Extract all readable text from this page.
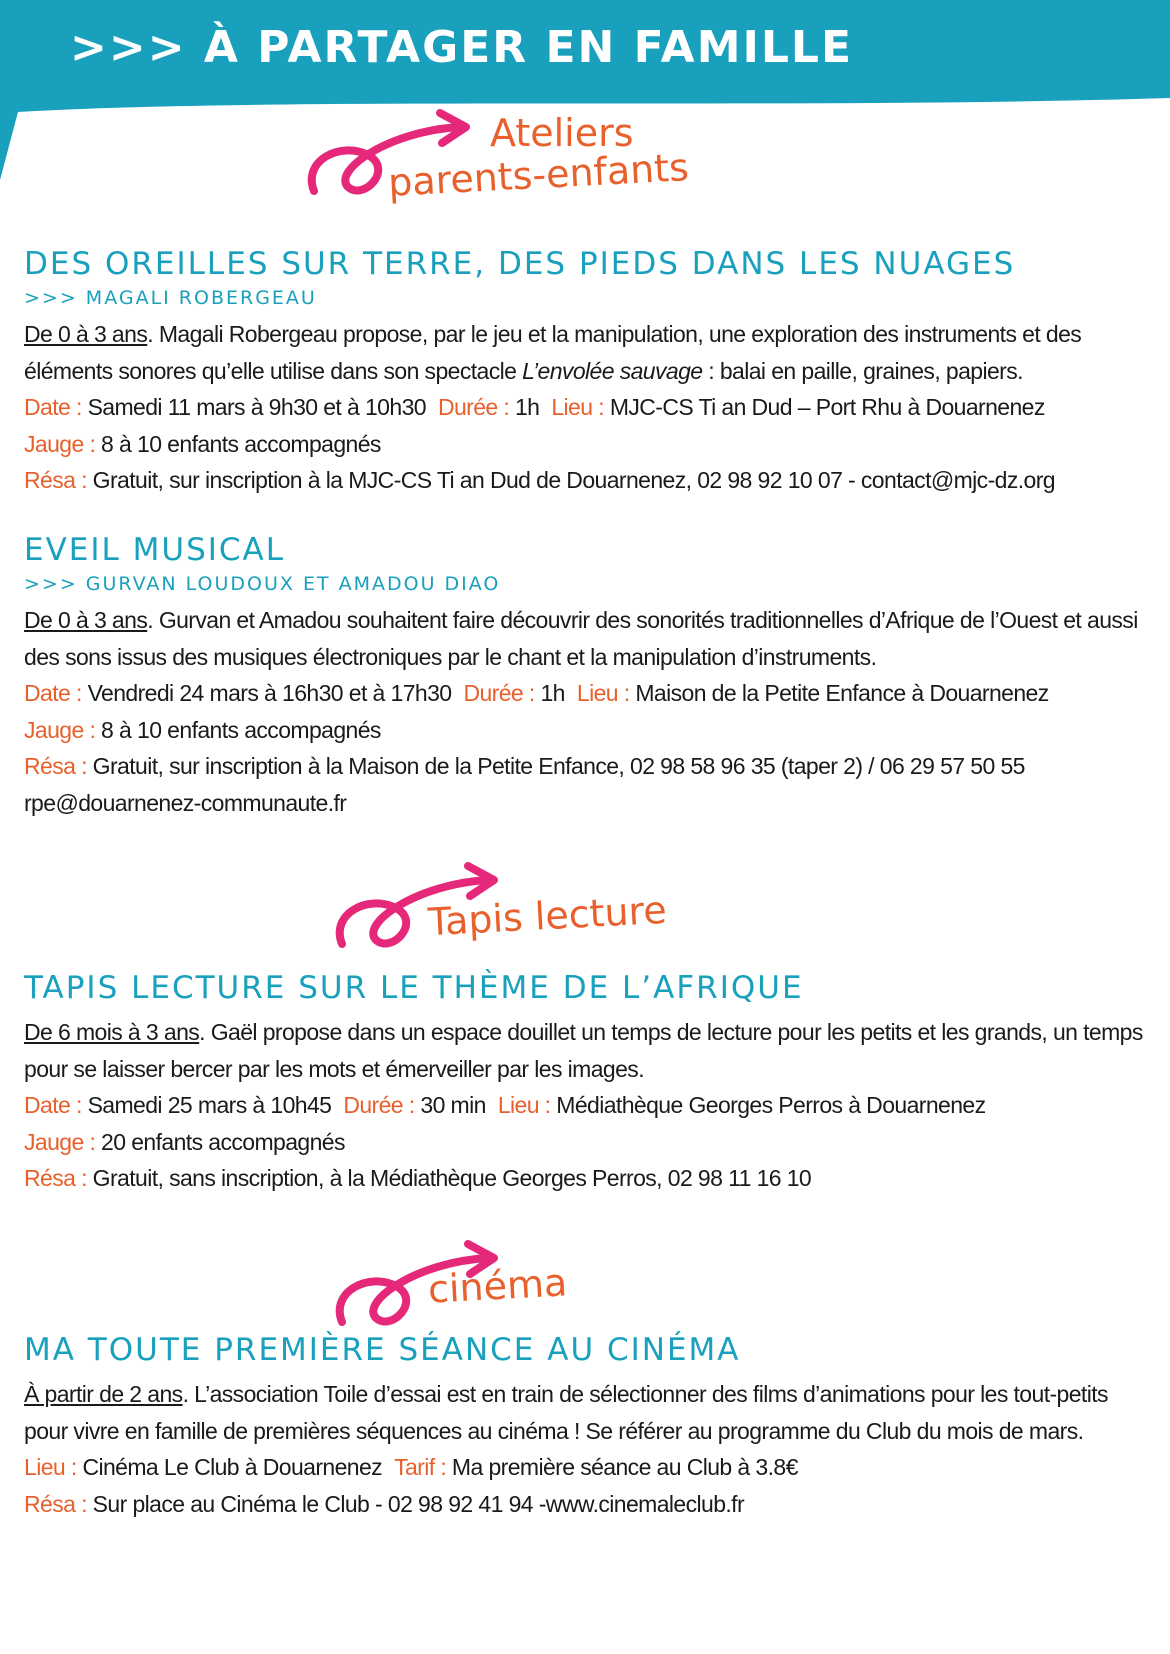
>>> À PARTAGER EN FAMILLE
Ateliers
parents-enfants
DES OREILLES SUR TERRE, DES PIEDS DANS LES NUAGES
>>> MAGALI ROBERGEAU

De 0 à 3 ans. Magali Robergeau propose, par le jeu et la manipulation, une exploration des instruments et des éléments sonores qu’elle utilise dans son spectacle L’envolée sauvage : balai en paille, graines, papiers.

Date : Samedi 11 mars à 9h30 et à 10h30 Durée : 1h Lieu : MJC-CS Ti an Dud – Port Rhu à Douarnenez

Jauge : 8 à 10 enfants accompagnés

Résa : Gratuit, sur inscription à la MJC-CS Ti an Dud de Douarnenez, 02 98 92 10 07 - contact@mjc-dz.org

EVEIL MUSICAL
>>> GURVAN LOUDOUX ET AMADOU DIAO

De 0 à 3 ans. Gurvan et Amadou souhaitent faire découvrir des sonorités traditionnelles d’Afrique de l’Ouest et aussi des sons issus des musiques électroniques par le chant et la manipulation d’instruments.

Date : Vendredi 24 mars à 16h30 et à 17h30 Durée : 1h Lieu : Maison de la Petite Enfance à Douarnenez

Jauge : 8 à 10 enfants accompagnés

Résa : Gratuit, sur inscription à la Maison de la Petite Enfance, 02 98 58 96 35 (taper 2) / 06 29 57 50 55

rpe@douarnenez-communaute.fr

Tapis lecture
TAPIS LECTURE SUR LE THÈME DE L’AFRIQUE

De 6 mois à 3 ans. Gaël propose dans un espace douillet un temps de lecture pour les petits et les grands, un temps pour se laisser bercer par les mots et émerveiller par les images.

Date : Samedi 25 mars à 10h45 Durée : 30 min Lieu : Médiathèque Georges Perros à Douarnenez

Jauge : 20 enfants accompagnés

Résa : Gratuit, sans inscription, à la Médiathèque Georges Perros, 02 98 11 16 10

cinéma
MA TOUTE PREMIÈRE SÉANCE AU CINÉMA

À partir de 2 ans. L’association Toile d’essai est en train de sélectionner des films d’animations pour les tout-petits pour vivre en famille de premières séquences au cinéma ! Se référer au programme du Club du mois de mars.

Lieu : Cinéma Le Club à Douarnenez Tarif : Ma première séance au Club à 3.8€

Résa : Sur place au Cinéma le Club - 02 98 92 41 94 -www.cinemaleclub.fr
